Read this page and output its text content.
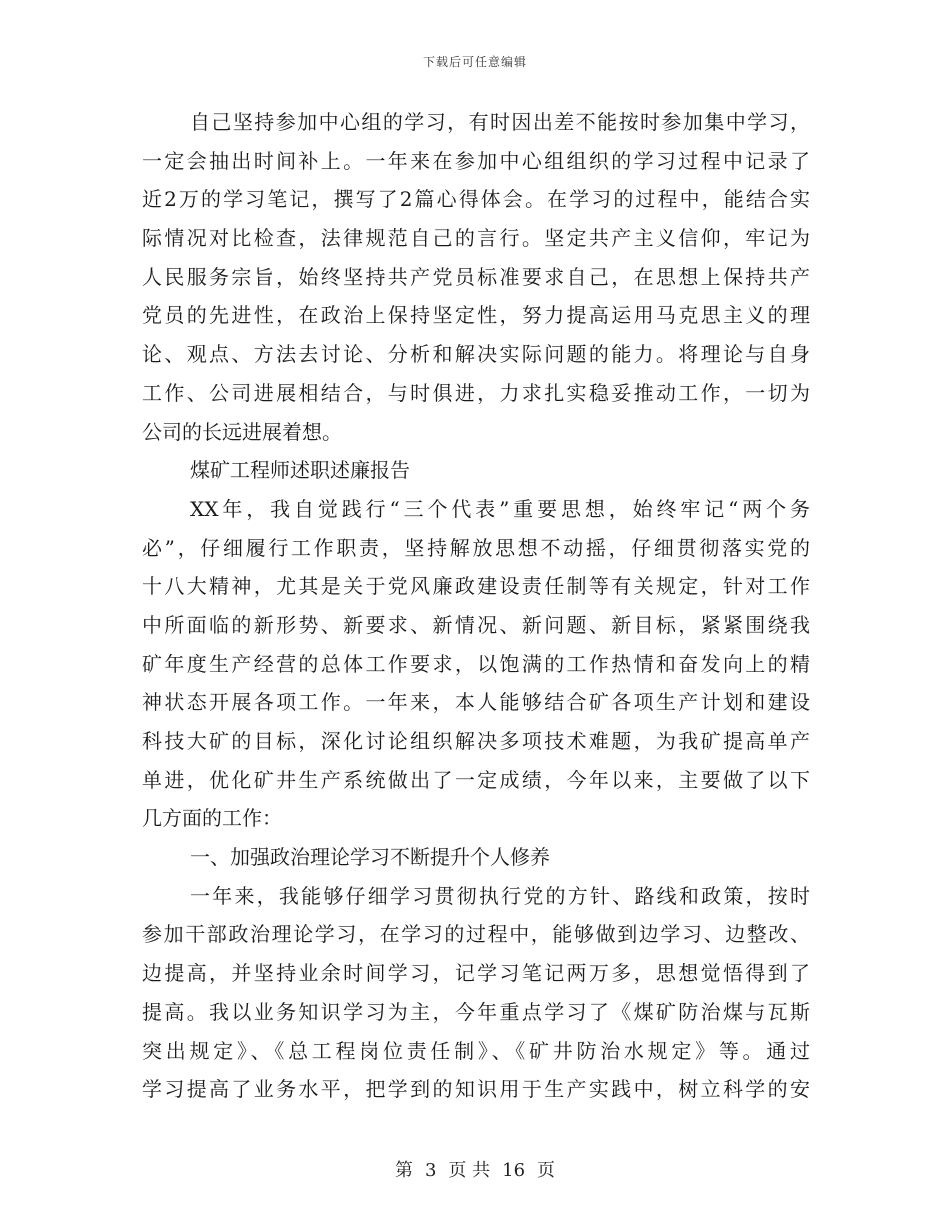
下载后可任意编辑
自己坚持参加中心组的学习，有时因出差不能按时参加集中学习，
一定会抽出时间补上。一年来在参加中心组组织的学习过程中记录了
近2万的学习笔记，撰写了2篇心得体会。在学习的过程中，能结合实
际情况对比检查，法律规范自己的言行。坚定共产主义信仰，牢记为
人民服务宗旨，始终坚持共产党员标准要求自己，在思想上保持共产
党员的先进性，在政治上保持坚定性，努力提高运用马克思主义的理
论、观点、方法去讨论、分析和解决实际问题的能力。将理论与自身
工作、公司进展相结合，与时俱进，力求扎实稳妥推动工作，一切为
公司的长远进展着想。
煤矿工程师述职述廉报告
XX年，我自觉践行“三个代表”重要思想，始终牢记“两个务
必”，仔细履行工作职责，坚持解放思想不动摇，仔细贯彻落实党的
十八大精神，尤其是关于党风廉政建设责任制等有关规定，针对工作
中所面临的新形势、新要求、新情况、新问题、新目标，紧紧围绕我
矿年度生产经营的总体工作要求，以饱满的工作热情和奋发向上的精
神状态开展各项工作。一年来，本人能够结合矿各项生产计划和建设
科技大矿的目标，深化讨论组织解决多项技术难题，为我矿提高单产
单进，优化矿井生产系统做出了一定成绩，今年以来，主要做了以下
几方面的工作：
一、加强政治理论学习不断提升个人修养
一年来，我能够仔细学习贯彻执行党的方针、路线和政策，按时
参加干部政治理论学习，在学习的过程中，能够做到边学习、边整改、
边提高，并坚持业余时间学习，记学习笔记两万多，思想觉悟得到了
提高。我以业务知识学习为主，今年重点学习了《煤矿防治煤与瓦斯
突出规定》、《总工程岗位责任制》、《矿井防治水规定》等。通过
学习提高了业务水平，把学到的知识用于生产实践中，树立科学的安
第 3 页 共 16 页
